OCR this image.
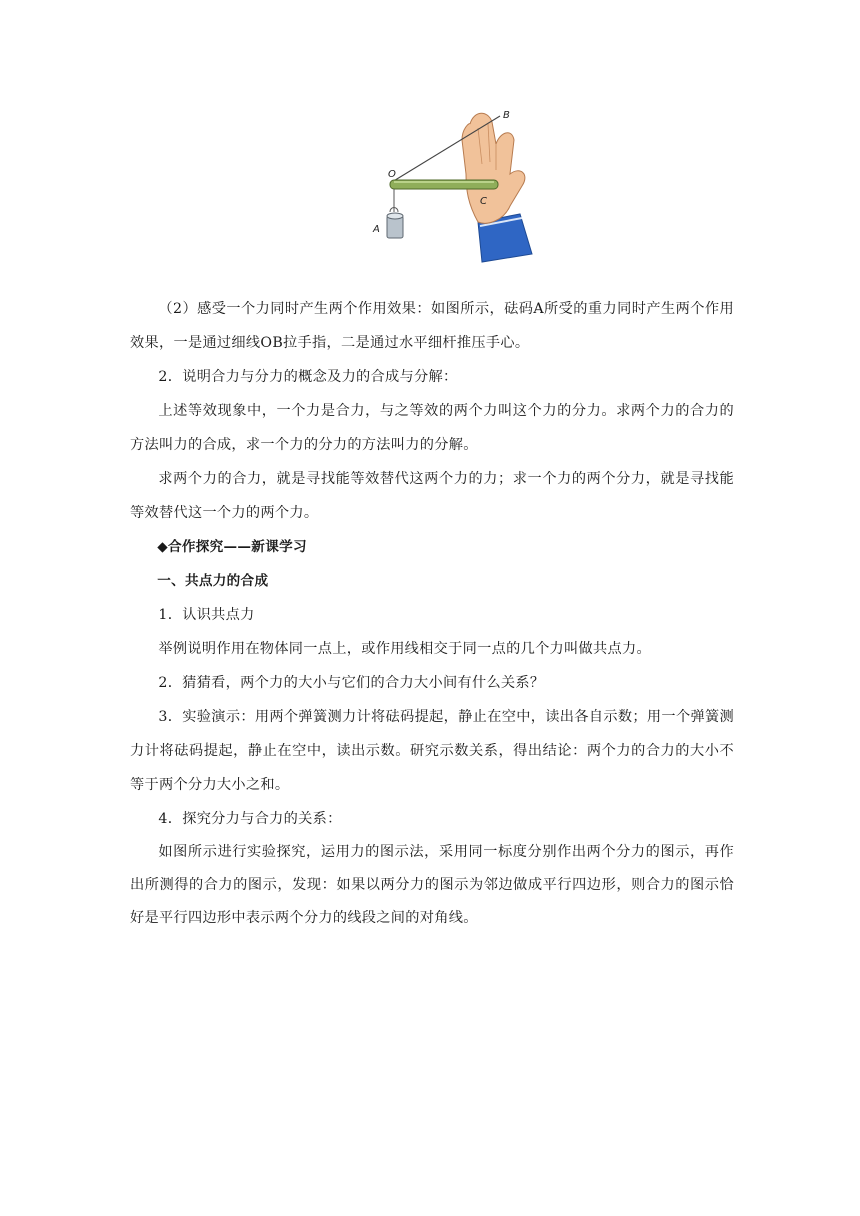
O
B
C
A

（2）感受一个力同时产生两个作用效果：如图所示，砝码A所受的重力同时产生两个作用效果，一是通过细线OB拉手指，二是通过水平细杆推压手心。

2．说明合力与分力的概念及力的合成与分解：

上述等效现象中，一个力是合力，与之等效的两个力叫这个力的分力。求两个力的合力的方法叫力的合成，求一个力的分力的方法叫力的分解。

求两个力的合力，就是寻找能等效替代这两个力的力；求一个力的两个分力，就是寻找能等效替代这一个力的两个力。

◆合作探究——新课学习

一、共点力的合成

1．认识共点力

举例说明作用在物体同一点上，或作用线相交于同一点的几个力叫做共点力。

2．猜猜看，两个力的大小与它们的合力大小间有什么关系？

3．实验演示：用两个弹簧测力计将砝码提起，静止在空中，读出各自示数；用一个弹簧测力计将砝码提起，静止在空中，读出示数。研究示数关系，得出结论：两个力的合力的大小不等于两个分力大小之和。

4．探究分力与合力的关系：

如图所示进行实验探究，运用力的图示法，采用同一标度分别作出两个分力的图示，再作出所测得的合力的图示，发现：如果以两分力的图示为邻边做成平行四边形，则合力的图示恰好是平行四边形中表示两个分力的线段之间的对角线。
